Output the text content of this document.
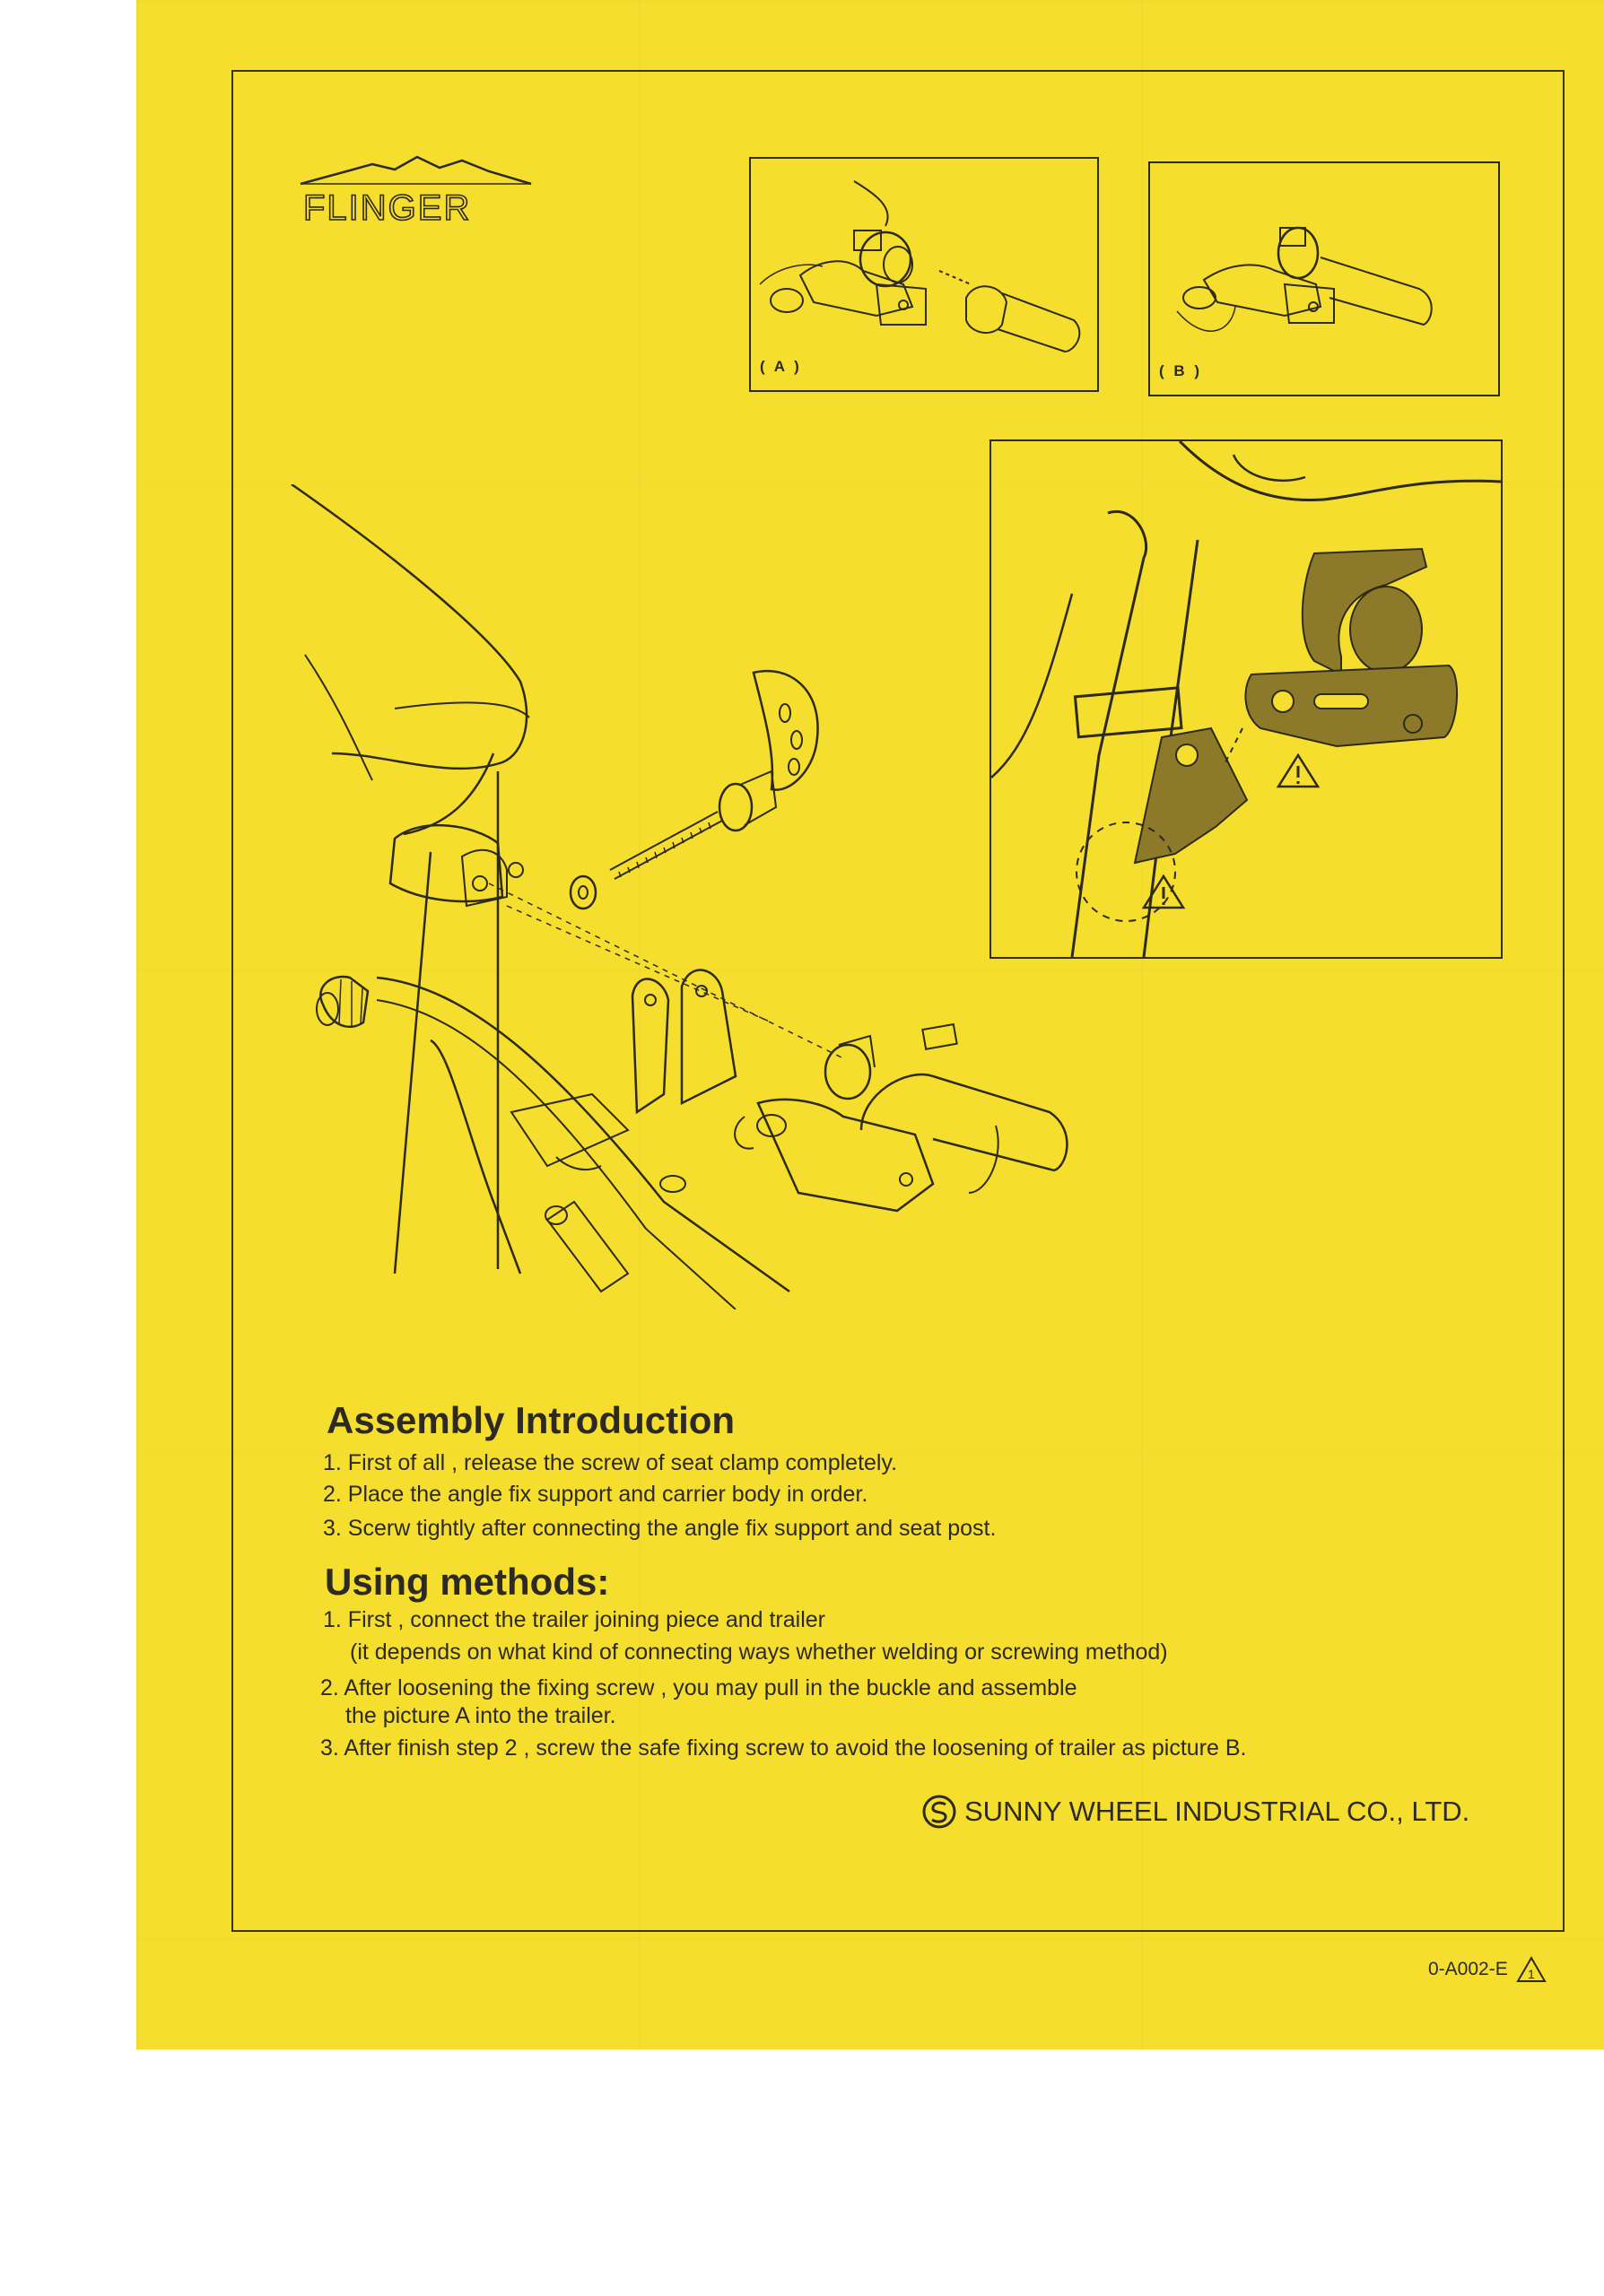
FLINGER
( A )	( B )
Assembly Introduction
1. First of all , release the screw of seat clamp completely.
2. Place the angle fix support and carrier body in order.
3. Scerw tightly after connecting the angle fix support and seat post.
Using methods:
1. First , connect the trailer joining piece and trailer
(it depends on what kind of connecting ways whether welding or screwing method)
2. After loosening the fixing screw , you may pull in the buckle and assemble
the picture A into the trailer.
3. After finish step 2 , screw the safe fixing screw to avoid the loosening of trailer as picture B.
SUNNY WHEEL INDUSTRIAL CO., LTD.
0-A002-E 1
